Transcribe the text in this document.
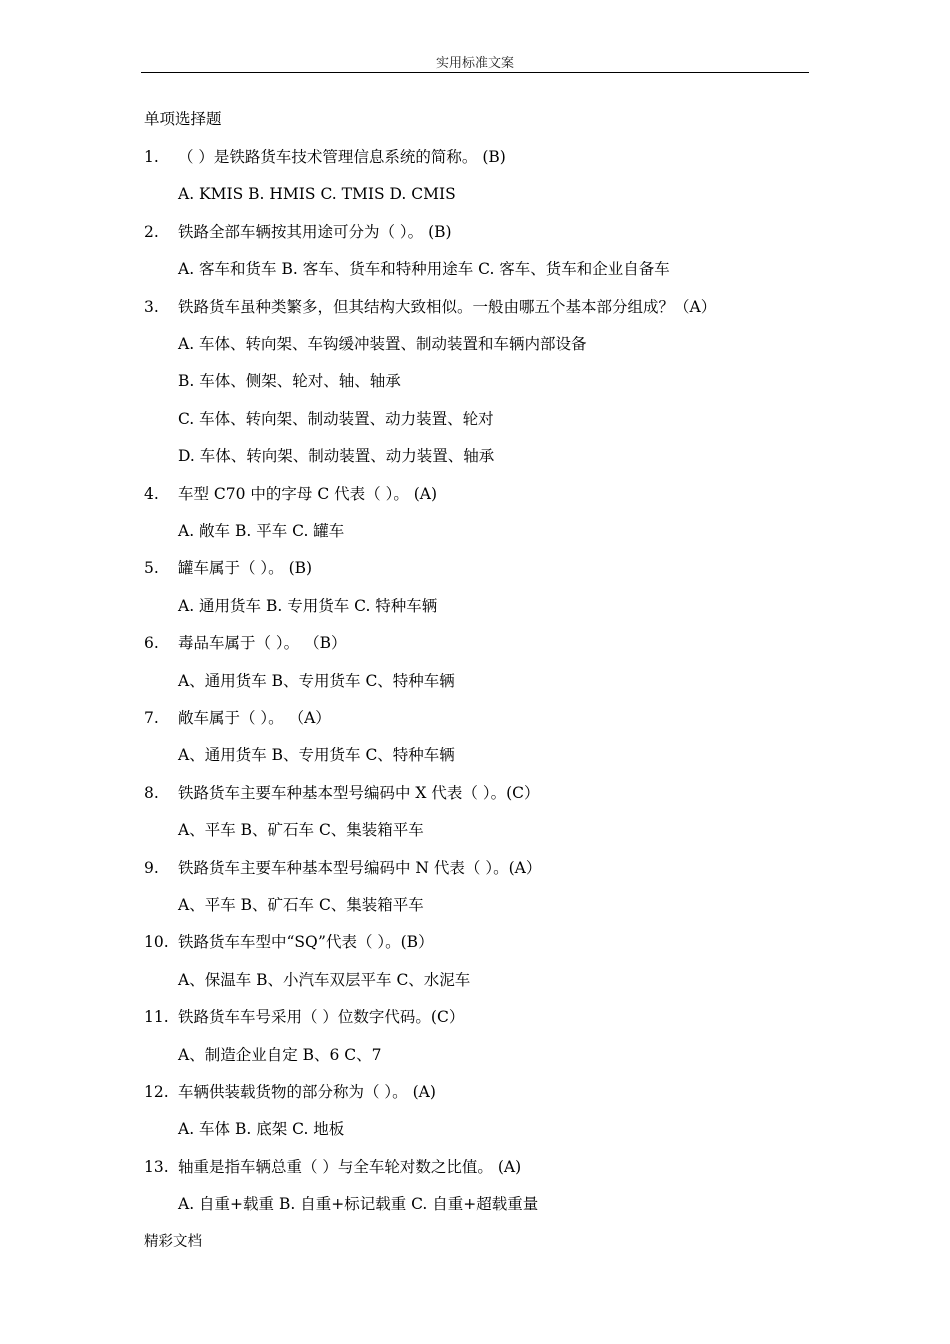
实用标准文案
单项选择题
1. （ ）是铁路货车技术管理信息系统的简称。 (B)
A. KMIS B. HMIS C. TMIS D. CMIS
2. 铁路全部车辆按其用途可分为（ ）。 (B)
A. 客车和货车 B. 客车、货车和特种用途车 C. 客车、货车和企业自备车
3. 铁路货车虽种类繁多，但其结构大致相似。一般由哪五个基本部分组成？（A）
A. 车体、转向架、车钩缓冲装置、制动装置和车辆内部设备
B. 车体、侧架、轮对、轴、轴承
C. 车体、转向架、制动装置、动力装置、轮对
D. 车体、转向架、制动装置、动力装置、轴承
4. 车型 C70 中的字母 C 代表（ ）。 (A)
A. 敞车 B. 平车 C. 罐车
5. 罐车属于（ ）。 (B)
A. 通用货车 B. 专用货车 C. 特种车辆
6. 毒品车属于（ ）。 （B）
A、通用货车 B、专用货车 C、特种车辆
7. 敞车属于（ ）。 （A）
A、通用货车 B、专用货车 C、特种车辆
8. 铁路货车主要车种基本型号编码中 X 代表（ ）。(C）
A、平车 B、矿石车 C、集装箱平车
9. 铁路货车主要车种基本型号编码中 N 代表（ ）。(A）
A、平车 B、矿石车 C、集装箱平车
10. 铁路货车车型中“SQ”代表（ ）。(B）
A、保温车 B、小汽车双层平车 C、水泥车
11. 铁路货车车号采用（ ）位数字代码。(C）
A、制造企业自定 B、6 C、7
12. 车辆供装载货物的部分称为（ ）。 (A)
A. 车体 B. 底架 C. 地板
13. 轴重是指车辆总重（ ）与全车轮对数之比值。 (A)
A. 自重+载重 B. 自重+标记载重 C. 自重+超载重量
精彩文档
